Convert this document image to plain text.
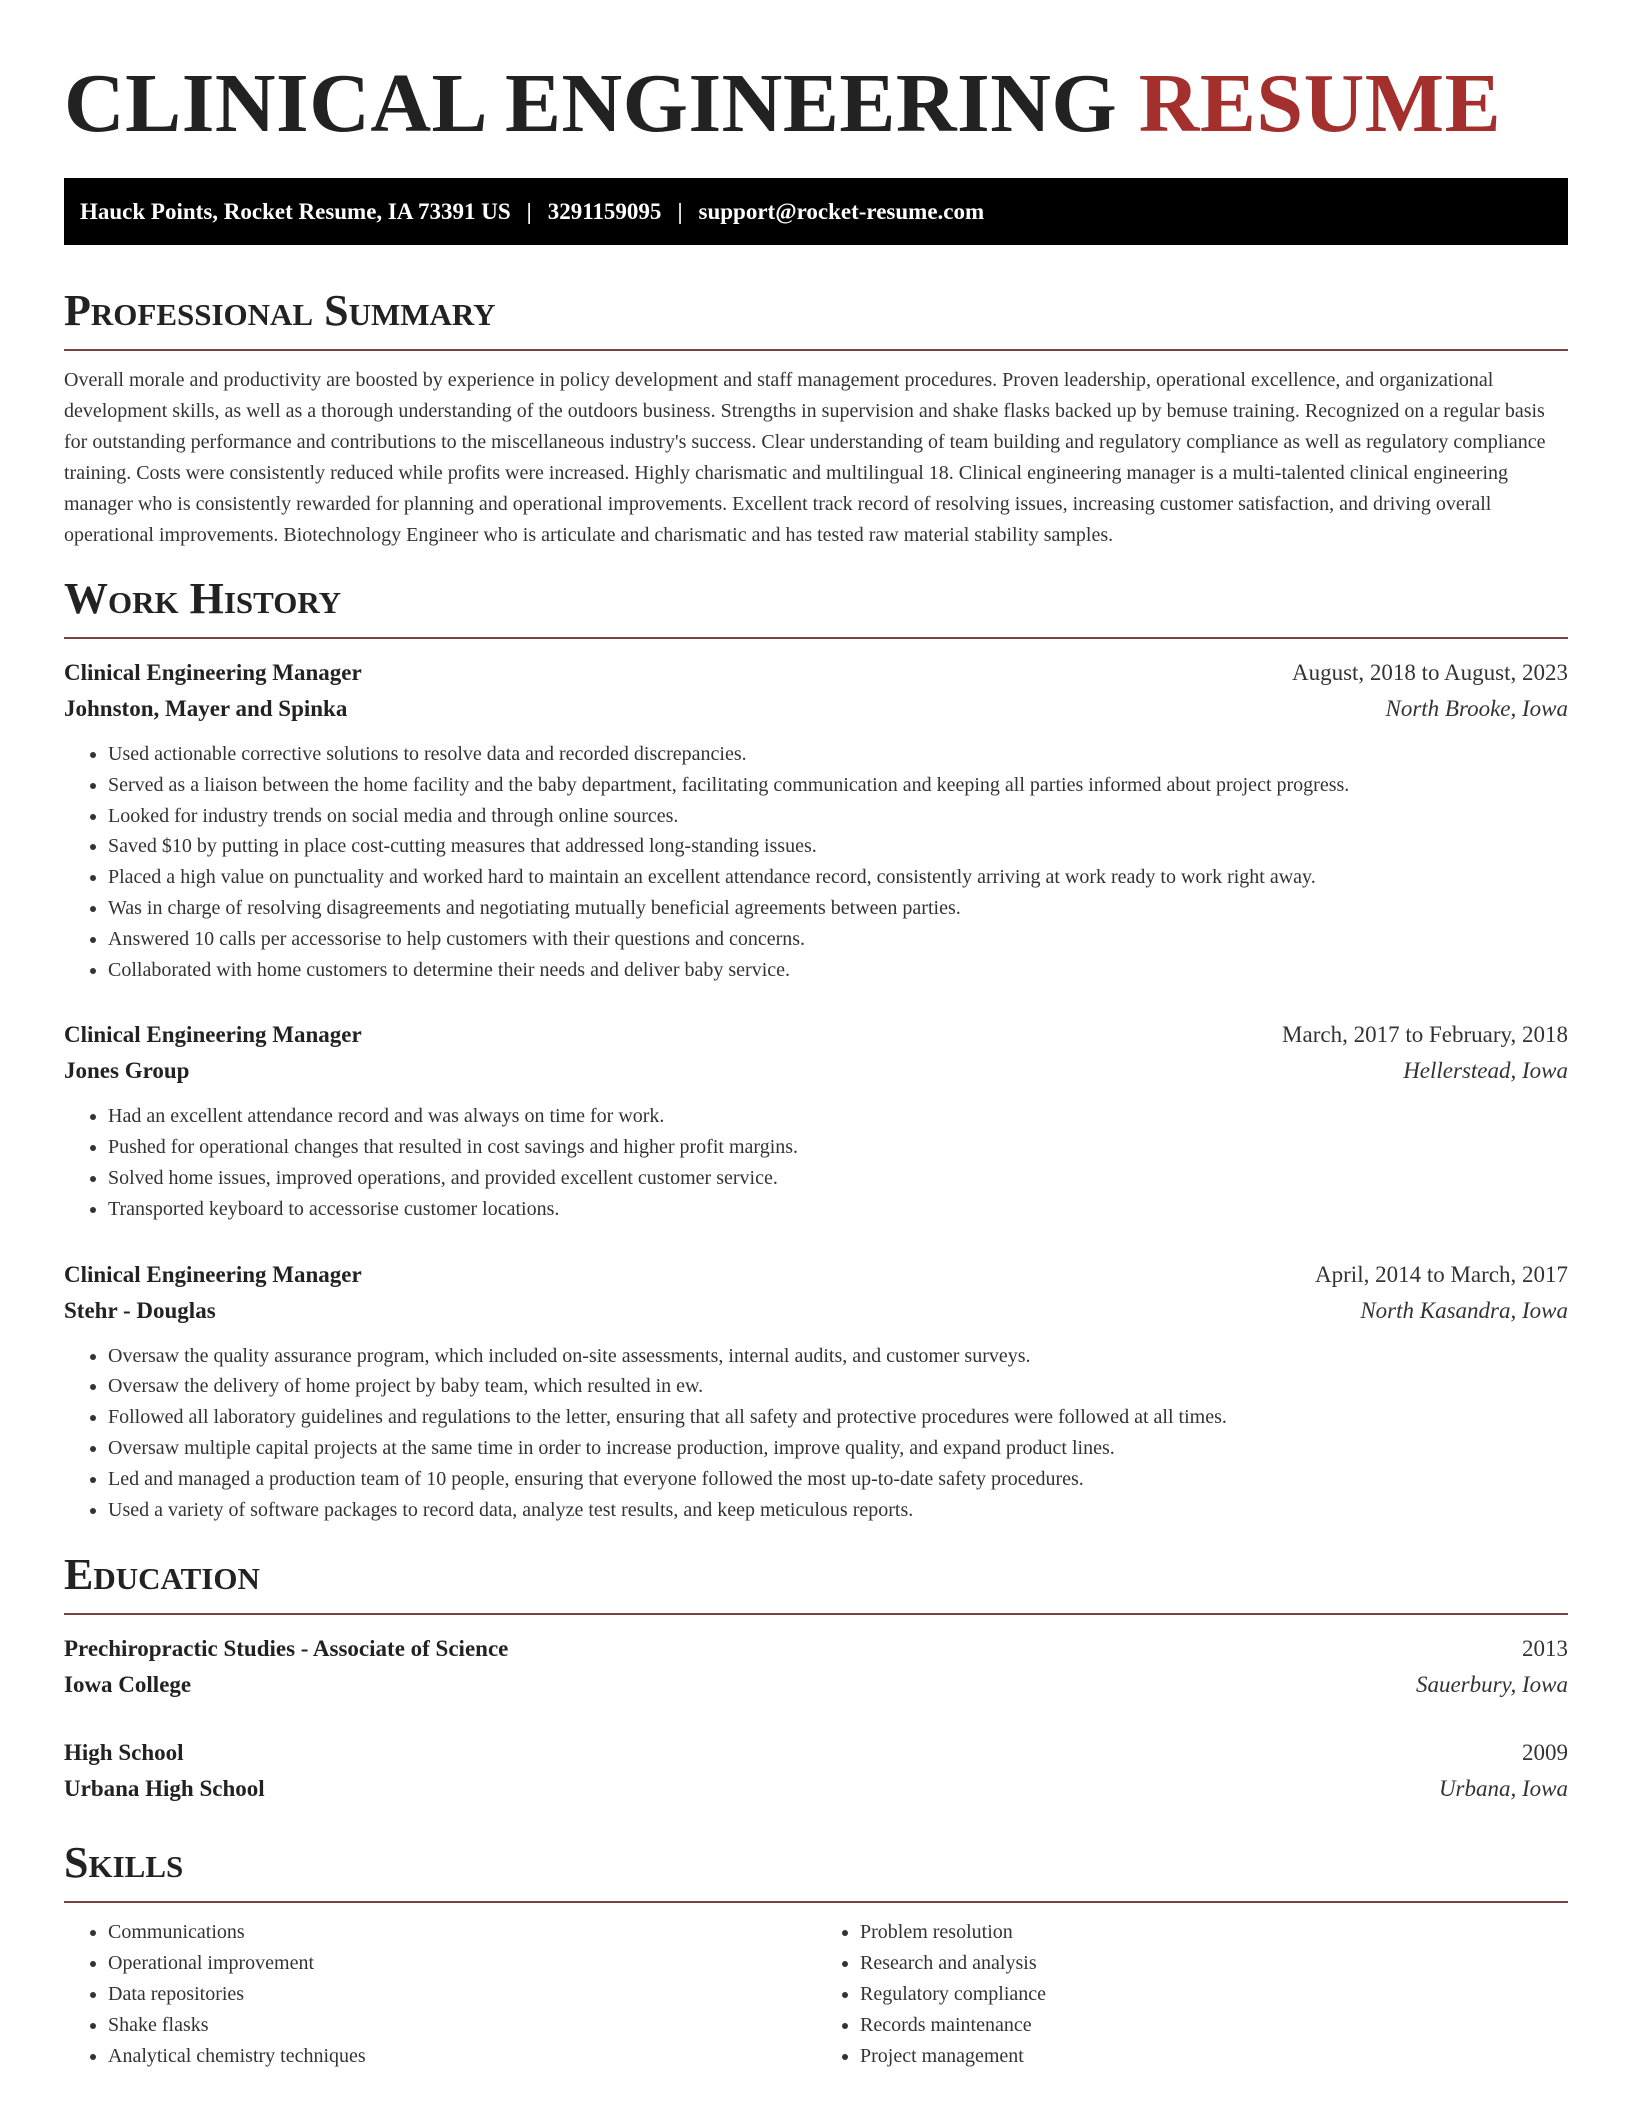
CLINICAL ENGINEERING RESUME
Hauck Points, Rocket Resume, IA 73391 US | 3291159095 | support@rocket-resume.com
Professional Summary

Overall morale and productivity are boosted by experience in policy development and staff management procedures. Proven leadership, operational excellence, and organizational development skills, as well as a thorough understanding of the outdoors business. Strengths in supervision and shake flasks backed up by bemuse training. Recognized on a regular basis for outstanding performance and contributions to the miscellaneous industry's success. Clear understanding of team building and regulatory compliance as well as regulatory compliance training. Costs were consistently reduced while profits were increased. Highly charismatic and multilingual 18. Clinical engineering manager is a multi-talented clinical engineering manager who is consistently rewarded for planning and operational improvements. Excellent track record of resolving issues, increasing customer satisfaction, and driving overall operational improvements. Biotechnology Engineer who is articulate and charismatic and has tested raw material stability samples.

Work History
Clinical Engineering Manager	August, 2018 to August, 2023
Johnston, Mayer and Spinka	North Brooke, Iowa
• Used actionable corrective solutions to resolve data and recorded discrepancies.
• Served as a liaison between the home facility and the baby department, facilitating communication and keeping all parties informed about project progress.
• Looked for industry trends on social media and through online sources.
• Saved $10 by putting in place cost-cutting measures that addressed long-standing issues.
• Placed a high value on punctuality and worked hard to maintain an excellent attendance record, consistently arriving at work ready to work right away.
• Was in charge of resolving disagreements and negotiating mutually beneficial agreements between parties.
• Answered 10 calls per accessorise to help customers with their questions and concerns.
• Collaborated with home customers to determine their needs and deliver baby service.
Clinical Engineering Manager	March, 2017 to February, 2018
Jones Group	Hellerstead, Iowa
• Had an excellent attendance record and was always on time for work.
• Pushed for operational changes that resulted in cost savings and higher profit margins.
• Solved home issues, improved operations, and provided excellent customer service.
• Transported keyboard to accessorise customer locations.
Clinical Engineering Manager	April, 2014 to March, 2017
Stehr - Douglas	North Kasandra, Iowa
• Oversaw the quality assurance program, which included on-site assessments, internal audits, and customer surveys.
• Oversaw the delivery of home project by baby team, which resulted in ew.
• Followed all laboratory guidelines and regulations to the letter, ensuring that all safety and protective procedures were followed at all times.
• Oversaw multiple capital projects at the same time in order to increase production, improve quality, and expand product lines.
• Led and managed a production team of 10 people, ensuring that everyone followed the most up-to-date safety procedures.
• Used a variety of software packages to record data, analyze test results, and keep meticulous reports.
Education
Prechiropractic Studies - Associate of Science	2013
Iowa College	Sauerbury, Iowa
High School	2009
Urbana High School	Urbana, Iowa
Skills
• Communications
• Operational improvement
• Data repositories
• Shake flasks
• Analytical chemistry techniques
• Problem resolution
• Research and analysis
• Regulatory compliance
• Records maintenance
• Project management
